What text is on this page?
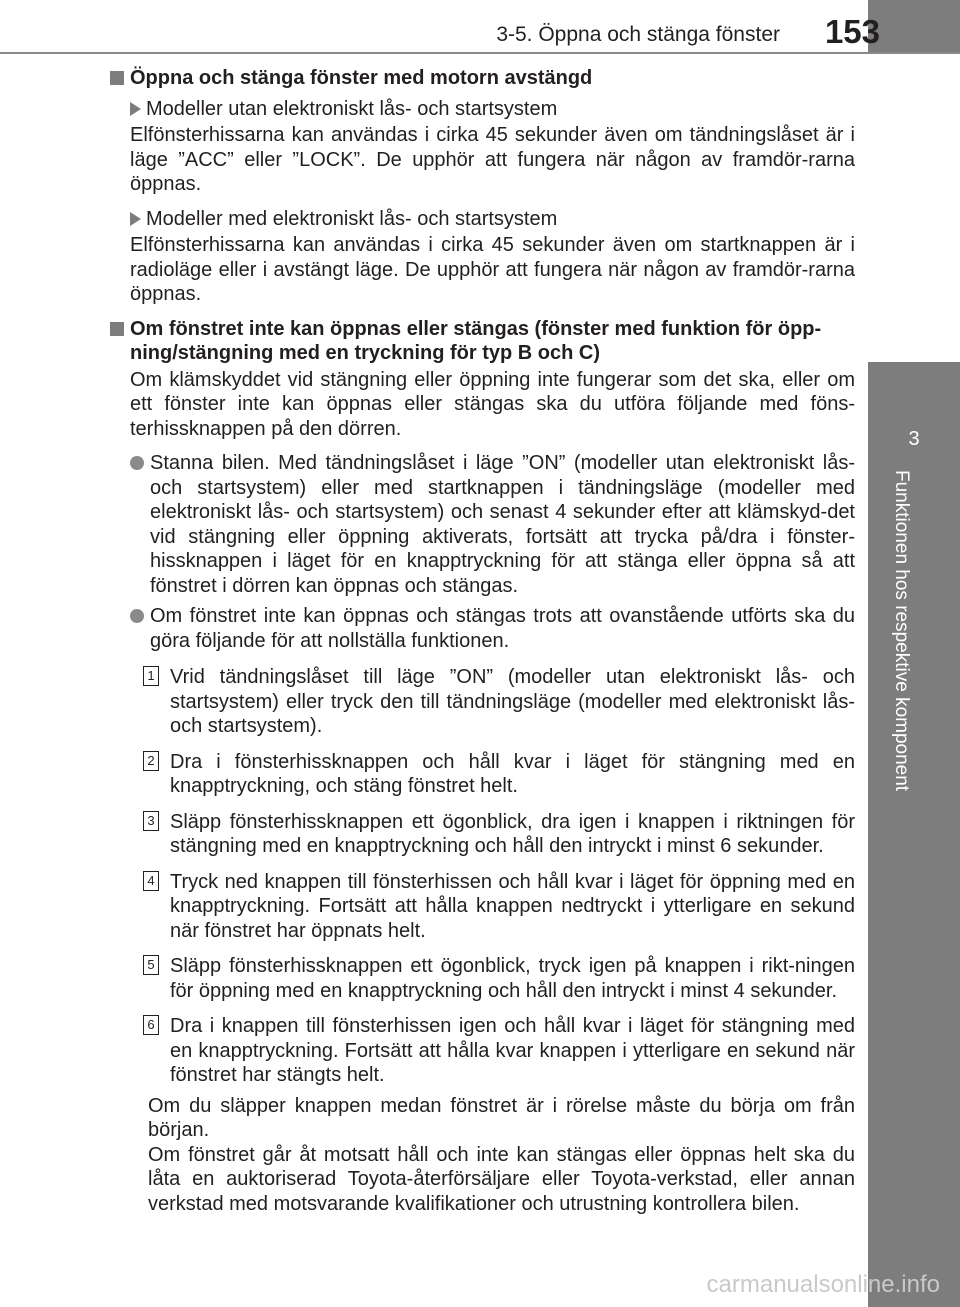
3-5. Öppna och stänga fönster 153
3
Funktionen hos respektive komponent
Öppna och stänga fönster med motorn avstängd
Modeller utan elektroniskt lås- och startsystem
Elfönsterhissarna kan användas i cirka 45 sekunder även om tändningslåset är i läge ”ACC” eller ”LOCK”. De upphör att fungera när någon av framdör-rarna öppnas.
Modeller med elektroniskt lås- och startsystem
Elfönsterhissarna kan användas i cirka 45 sekunder även om startknappen är i radioläge eller i avstängt läge. De upphör att fungera när någon av framdör-rarna öppnas.
Om fönstret inte kan öppnas eller stängas (fönster med funktion för öpp-ning/stängning med en tryckning för typ B och C)
Om klämskyddet vid stängning eller öppning inte fungerar som det ska, eller om ett fönster inte kan öppnas eller stängas ska du utföra följande med föns-terhissknappen på den dörren.
Stanna bilen. Med tändningslåset i läge ”ON” (modeller utan elektroniskt lås- och startsystem) eller med startknappen i tändningsläge (modeller med elektroniskt lås- och startsystem) och senast 4 sekunder efter att klämskyd-det vid stängning eller öppning aktiverats, fortsätt att trycka på/dra i fönster-hissknappen i läget för en knapptryckning för att stänga eller öppna så att fönstret i dörren kan öppnas och stängas.
Om fönstret inte kan öppnas och stängas trots att ovanstående utförts ska du göra följande för att nollställa funktionen.
1 Vrid tändningslåset till läge ”ON” (modeller utan elektroniskt lås- och startsystem) eller tryck den till tändningsläge (modeller med elektroniskt lås- och startsystem).
2 Dra i fönsterhissknappen och håll kvar i läget för stängning med en knapptryckning, och stäng fönstret helt.
3 Släpp fönsterhissknappen ett ögonblick, dra igen i knappen i riktningen för stängning med en knapptryckning och håll den intryckt i minst 6 sekunder.
4 Tryck ned knappen till fönsterhissen och håll kvar i läget för öppning med en knapptryckning. Fortsätt att hålla knappen nedtryckt i ytterligare en sekund när fönstret har öppnats helt.
5 Släpp fönsterhissknappen ett ögonblick, tryck igen på knappen i rikt-ningen för öppning med en knapptryckning och håll den intryckt i minst 4 sekunder.
6 Dra i knappen till fönsterhissen igen och håll kvar i läget för stängning med en knapptryckning. Fortsätt att hålla kvar knappen i ytterligare en sekund när fönstret har stängts helt.
Om du släpper knappen medan fönstret är i rörelse måste du börja om från början.
Om fönstret går åt motsatt håll och inte kan stängas eller öppnas helt ska du låta en auktoriserad Toyota-återförsäljare eller Toyota-verkstad, eller annan verkstad med motsvarande kvalifikationer och utrustning kontrollera bilen.
carmanualsonline.info
